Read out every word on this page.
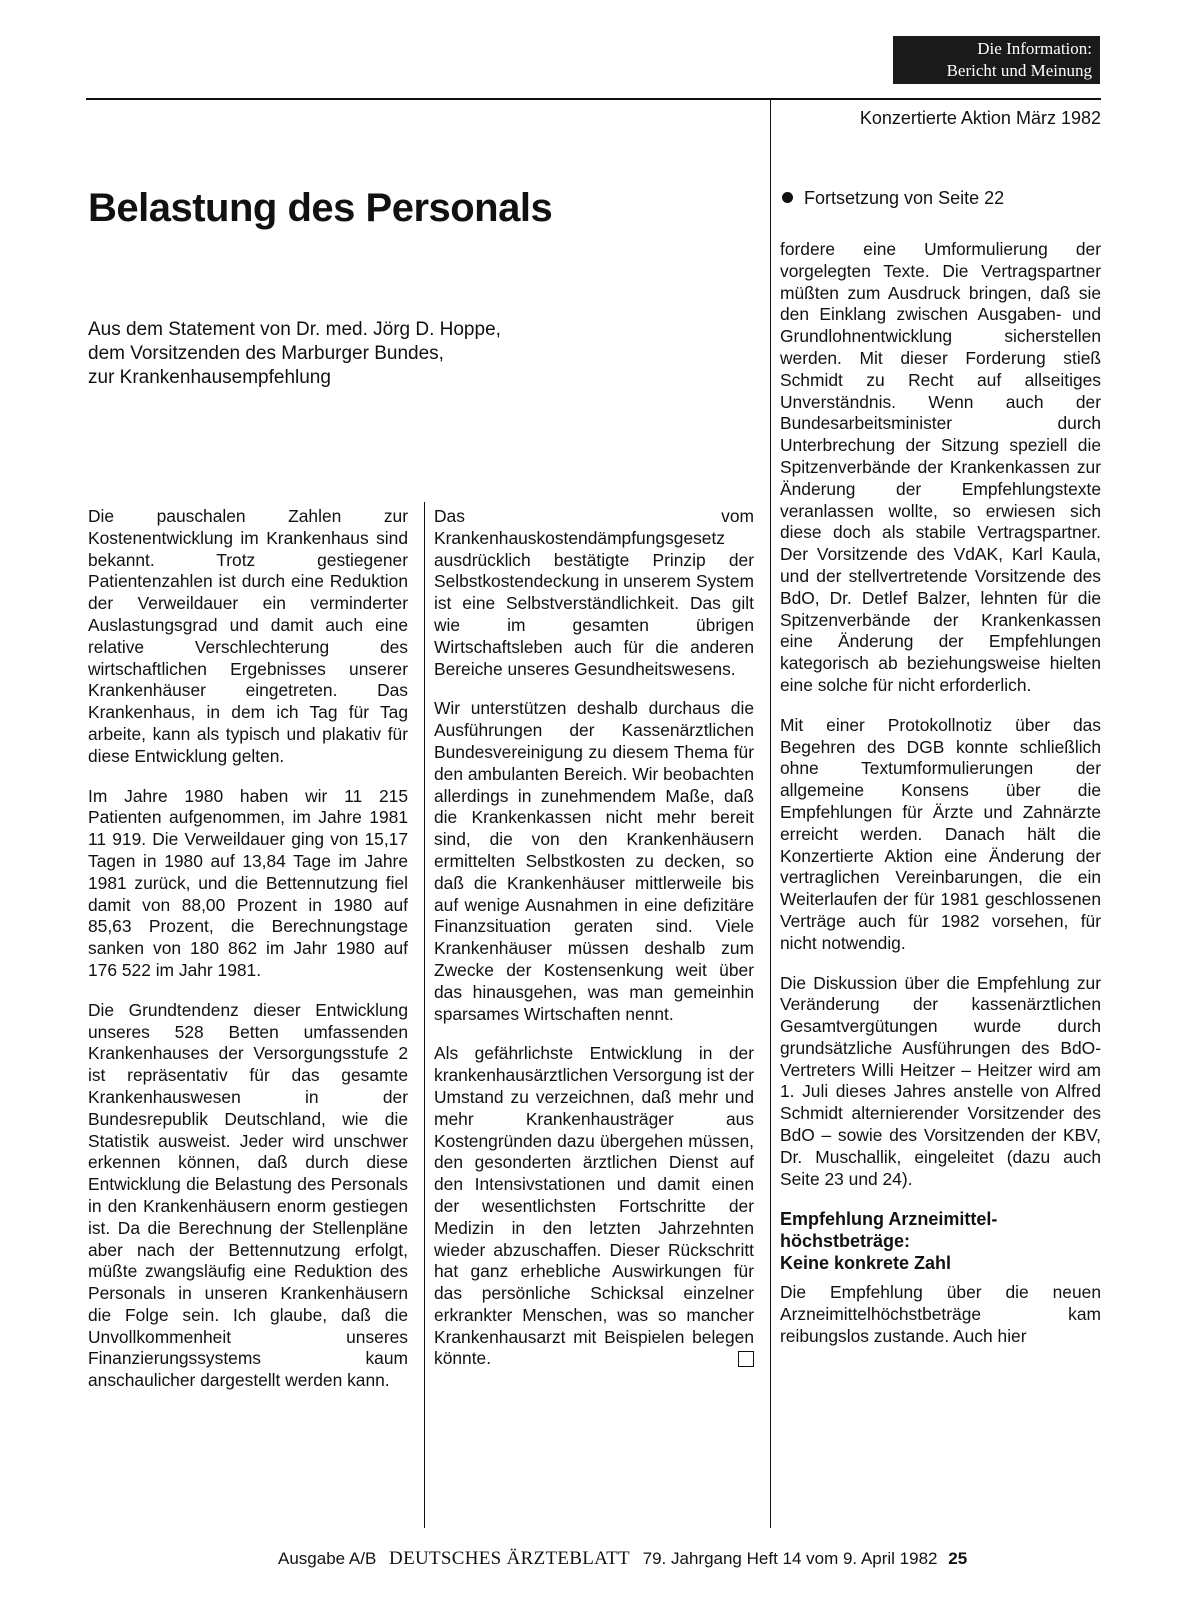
Die Information:
Bericht und Meinung
Konzertierte Aktion März 1982
Belastung des Personals
Aus dem Statement von Dr. med. Jörg D. Hoppe,
dem Vorsitzenden des Marburger Bundes,
zur Krankenhausempfehlung

Die pauschalen Zahlen zur Kostenentwicklung im Krankenhaus sind bekannt. Trotz gestiegener Patientenzahlen ist durch eine Reduktion der Verweildauer ein verminderter Auslastungsgrad und damit auch eine relative Verschlechterung des wirtschaftlichen Ergebnisses unserer Krankenhäuser eingetreten. Das Krankenhaus, in dem ich Tag für Tag arbeite, kann als typisch und plakativ für diese Entwicklung gelten.

Im Jahre 1980 haben wir 11 215 Patienten aufgenommen, im Jahre 1981 11 919. Die Verweildauer ging von 15,17 Tagen in 1980 auf 13,84 Tage im Jahre 1981 zurück, und die Bettennutzung fiel damit von 88,00 Prozent in 1980 auf 85,63 Prozent, die Berechnungstage sanken von 180 862 im Jahr 1980 auf 176 522 im Jahr 1981.

Die Grundtendenz dieser Entwicklung unseres 528 Betten umfassenden Krankenhauses der Versorgungsstufe 2 ist repräsentativ für das gesamte Krankenhauswesen in der Bundesrepublik Deutschland, wie die Statistik ausweist. Jeder wird unschwer erkennen können, daß durch diese Entwicklung die Belastung des Personals in den Krankenhäusern enorm gestiegen ist. Da die Berechnung der Stellenpläne aber nach der Bettennutzung erfolgt, müßte zwangsläufig eine Reduktion des Personals in unseren Krankenhäusern die Folge sein. Ich glaube, daß die Unvollkommenheit unseres Finanzierungssystems kaum anschaulicher dargestellt werden kann.

Das vom Krankenhauskostendämpfungsgesetz ausdrücklich bestätigte Prinzip der Selbstkostendeckung in unserem System ist eine Selbstverständlichkeit. Das gilt wie im gesamten übrigen Wirtschaftsleben auch für die anderen Bereiche unseres Gesundheitswesens.

Wir unterstützen deshalb durchaus die Ausführungen der Kassenärztlichen Bundesvereinigung zu diesem Thema für den ambulanten Bereich. Wir beobachten allerdings in zunehmendem Maße, daß die Krankenkassen nicht mehr bereit sind, die von den Krankenhäusern ermittelten Selbstkosten zu decken, so daß die Krankenhäuser mittlerweile bis auf wenige Ausnahmen in eine defizitäre Finanzsituation geraten sind. Viele Krankenhäuser müssen deshalb zum Zwecke der Kostensenkung weit über das hinausgehen, was man gemeinhin sparsames Wirtschaften nennt.

Als gefährlichste Entwicklung in der krankenhausärztlichen Versorgung ist der Umstand zu verzeichnen, daß mehr und mehr Krankenhausträger aus Kostengründen dazu übergehen müssen, den gesonderten ärztlichen Dienst auf den Intensivstationen und damit einen der wesentlichsten Fortschritte der Medizin in den letzten Jahrzehnten wieder abzuschaffen. Dieser Rückschritt hat ganz erhebliche Auswirkungen für das persönliche Schicksal einzelner erkrankter Menschen, was so mancher Krankenhausarzt mit Beispielen belegen könnte.

Fortsetzung von Seite 22

fordere eine Umformulierung der vorgelegten Texte. Die Vertragspartner müßten zum Ausdruck bringen, daß sie den Einklang zwischen Ausgaben- und Grundlohnentwicklung sicherstellen werden. Mit dieser Forderung stieß Schmidt zu Recht auf allseitiges Unverständnis. Wenn auch der Bundesarbeitsminister durch Unterbrechung der Sitzung speziell die Spitzenverbände der Krankenkassen zur Änderung der Empfehlungstexte veranlassen wollte, so erwiesen sich diese doch als stabile Vertragspartner. Der Vorsitzende des VdAK, Karl Kaula, und der stellvertretende Vorsitzende des BdO, Dr. Detlef Balzer, lehnten für die Spitzenverbände der Krankenkassen eine Änderung der Empfehlungen kategorisch ab beziehungsweise hielten eine solche für nicht erforderlich.

Mit einer Protokollnotiz über das Begehren des DGB konnte schließlich ohne Textumformulierungen der allgemeine Konsens über die Empfehlungen für Ärzte und Zahnärzte erreicht werden. Danach hält die Konzertierte Aktion eine Änderung der vertraglichen Vereinbarungen, die ein Weiterlaufen der für 1981 geschlossenen Verträge auch für 1982 vorsehen, für nicht notwendig.

Die Diskussion über die Empfehlung zur Veränderung der kassenärztlichen Gesamtvergütungen wurde durch grundsätzliche Ausführungen des BdO-Vertreters Willi Heitzer – Heitzer wird am 1. Juli dieses Jahres anstelle von Alfred Schmidt alternierender Vorsitzender des BdO – sowie des Vorsitzenden der KBV, Dr. Muschallik, eingeleitet (dazu auch Seite 23 und 24).

Empfehlung Arzneimittel-
höchstbeträge:
Keine konkrete Zahl

Die Empfehlung über die neuen Arzneimittelhöchstbeträge kam reibungslos zustande. Auch hier

Ausgabe A/B DEUTSCHES ÄRZTEBLATT 79. Jahrgang Heft 14 vom 9. April 1982 25
